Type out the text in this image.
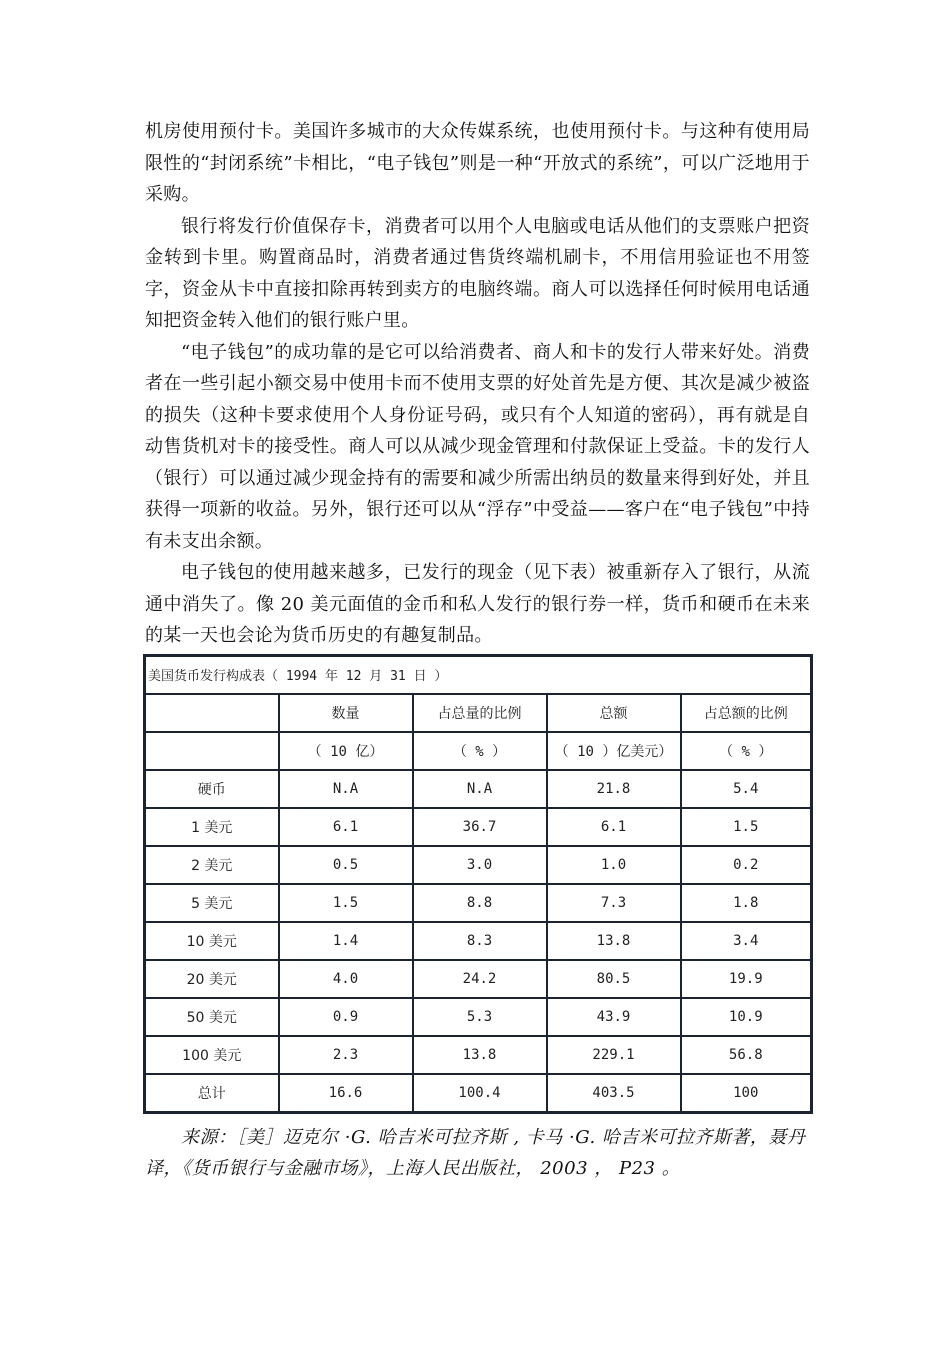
机房使用预付卡。美国许多城市的大众传媒系统，也使用预付卡。与这种有使用局限性的“封闭系统”卡相比，“电子钱包”则是一种“开放式的系统”，可以广泛地用于采购。

银行将发行价值保存卡，消费者可以用个人电脑或电话从他们的支票账户把资金转到卡里。购置商品时，消费者通过售货终端机刷卡，不用信用验证也不用签字，资金从卡中直接扣除再转到卖方的电脑终端。商人可以选择任何时候用电话通知把资金转入他们的银行账户里。

“电子钱包”的成功靠的是它可以给消费者、商人和卡的发行人带来好处。消费者在一些引起小额交易中使用卡而不使用支票的好处首先是方便、其次是减少被盗的损失（这种卡要求使用个人身份证号码，或只有个人知道的密码），再有就是自动售货机对卡的接受性。商人可以从减少现金管理和付款保证上受益。卡的发行人（银行）可以通过减少现金持有的需要和减少所需出纳员的数量来得到好处，并且获得一项新的收益。另外，银行还可以从“浮存”中受益——客户在“电子钱包”中持有未支出余额。

电子钱包的使用越来越多，已发行的现金（见下表）被重新存入了银行，从流通中消失了。像 20 美元面值的金币和私人发行的银行券一样，货币和硬币在未来的某一天也会论为货币历史的有趣复制品。

美国货币发行构成表（ 1994 年 12 月 31 日 ）				
	数量	占总量的比例	总额	占总额的比例
	（ 10 亿）	（ % ）	（ 10 ）亿美元）	（ % ）
硬币	N.A	N.A	21.8	5.4
1 美元	6.1	36.7	6.1	1.5
2 美元	0.5	3.0	1.0	0.2
5 美元	1.5	8.8	7.3	1.8
10 美元	1.4	8.3	13.8	3.4
20 美元	4.0	24.2	80.5	19.9
50 美元	0.9	5.3	43.9	10.9
100 美元	2.3	13.8	229.1	56.8
总计	16.6	100.4	403.5	100

来源：［美］迈克尔 ·G. 哈吉米可拉齐斯 , 卡马 ·G. 哈吉米可拉齐斯著，聂丹译，《货币银行与金融市场》，上海人民出版社， 2003 ， P23 。
